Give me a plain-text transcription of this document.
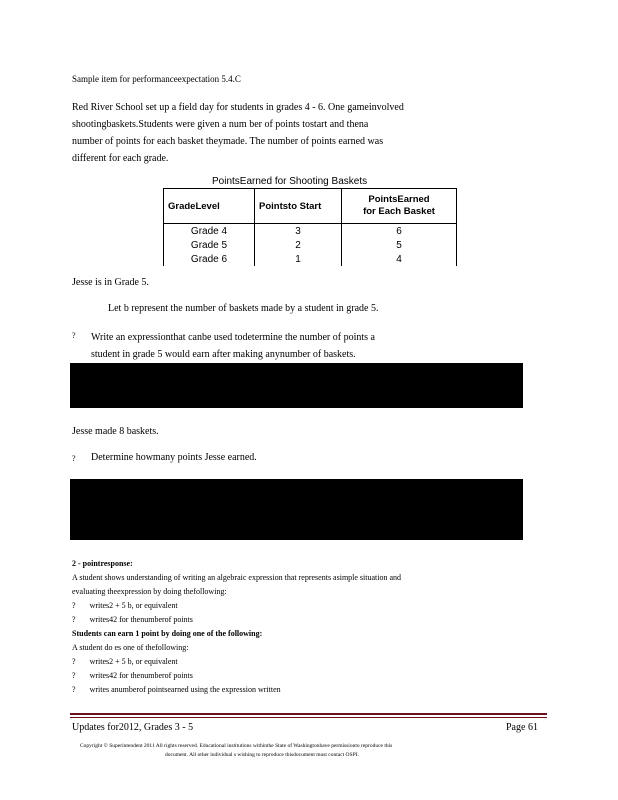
Sample item for performanceexpectation 5.4.C

Red River School set up a field day for students in grades 4 - 6. One gameinvolved

shootingbaskets.Students were given a num ber of points tostart and thena

number of points for each basket theymade. The number of points earned was

different for each grade.

PointsEarned for Shooting Baskets

GradeLevel	Pointsto Start	PointsEarned
for Each Basket
Grade 4	3	6
Grade 5	2	5
Grade 6	1	4

Jesse is in Grade 5.

Let b represent the number of baskets made by a student in grade 5.

? Write an expressionthat canbe used todetermine the number of points a

student in grade 5 would earn after making anynumber of baskets.

Jesse made 8 baskets.

? Determine howmany points Jesse earned.

2 - pointresponse:

A student shows understanding of writing an algebraic expression that represents asimple situation and

evaluating theexpression by doing thefollowing:

? writes2 + 5 b, or equivalent

? writes42 for thenumberof points

Students can earn 1 point by doing one of the following:

A student do es one of thefollowing:

? writes2 + 5 b, or equivalent

? writes42 for thenumberof points

? writes anumberof pointsearned using the expression written

Updates for2012, Grades 3 - 5	Page 61

Copyright © Superintendent 2011 All rights reserved. Educational institutions withinthe State of Washingtonhave permissionto reproduce this

document. All other individual s wishing to reproduce thisdocument must contact OSPI.
